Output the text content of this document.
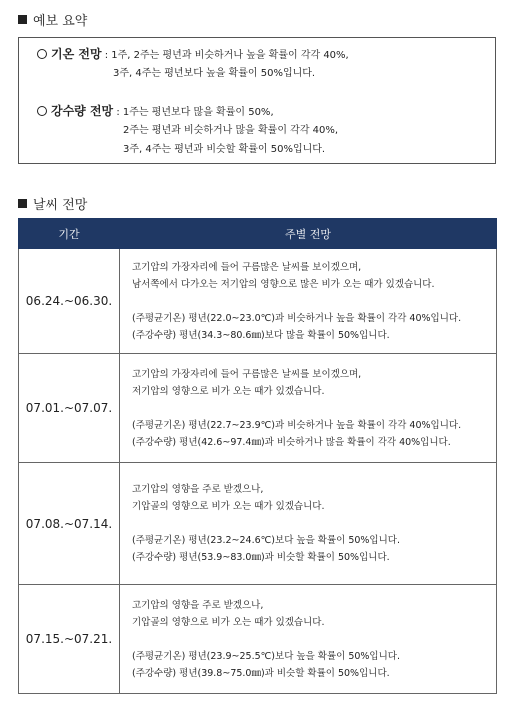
예보 요약
기온 전망 : 1주, 2주는 평년과 비슷하거나 높을 확률이 각각 40%,
3주, 4주는 평년보다 높을 확률이 50%입니다.
강수량 전망 : 1주는 평년보다 많을 확률이 50%,
2주는 평년과 비슷하거나 많을 확률이 각각 40%,
3주, 4주는 평년과 비슷할 확률이 50%입니다.
날씨 전망
기간	주별 전망
06.24.~06.30.	고기압의 가장자리에 들어 구름많은 날씨를 보이겠으며,
남서쪽에서 다가오는 저기압의 영향으로 많은 비가 오는 때가 있겠습니다.
(주평균기온) 평년(22.0~23.0℃)과 비슷하거나 높을 확률이 각각 40%입니다.
(주강수량) 평년(34.3~80.6㎜)보다 많을 확률이 50%입니다.

07.01.~07.07.	고기압의 가장자리에 들어 구름많은 날씨를 보이겠으며,
저기압의 영향으로 비가 오는 때가 있겠습니다.
(주평균기온) 평년(22.7~23.9℃)과 비슷하거나 높을 확률이 각각 40%입니다.
(주강수량) 평년(42.6~97.4㎜)과 비슷하거나 많을 확률이 각각 40%입니다.

07.08.~07.14.	고기압의 영향을 주로 받겠으나,
기압골의 영향으로 비가 오는 때가 있겠습니다.
(주평균기온) 평년(23.2~24.6℃)보다 높을 확률이 50%입니다.
(주강수량) 평년(53.9~83.0㎜)과 비슷할 확률이 50%입니다.

07.15.~07.21.	고기압의 영향을 주로 받겠으나,
기압골의 영향으로 비가 오는 때가 있겠습니다.
(주평균기온) 평년(23.9~25.5℃)보다 높을 확률이 50%입니다.
(주강수량) 평년(39.8~75.0㎜)과 비슷할 확률이 50%입니다.
